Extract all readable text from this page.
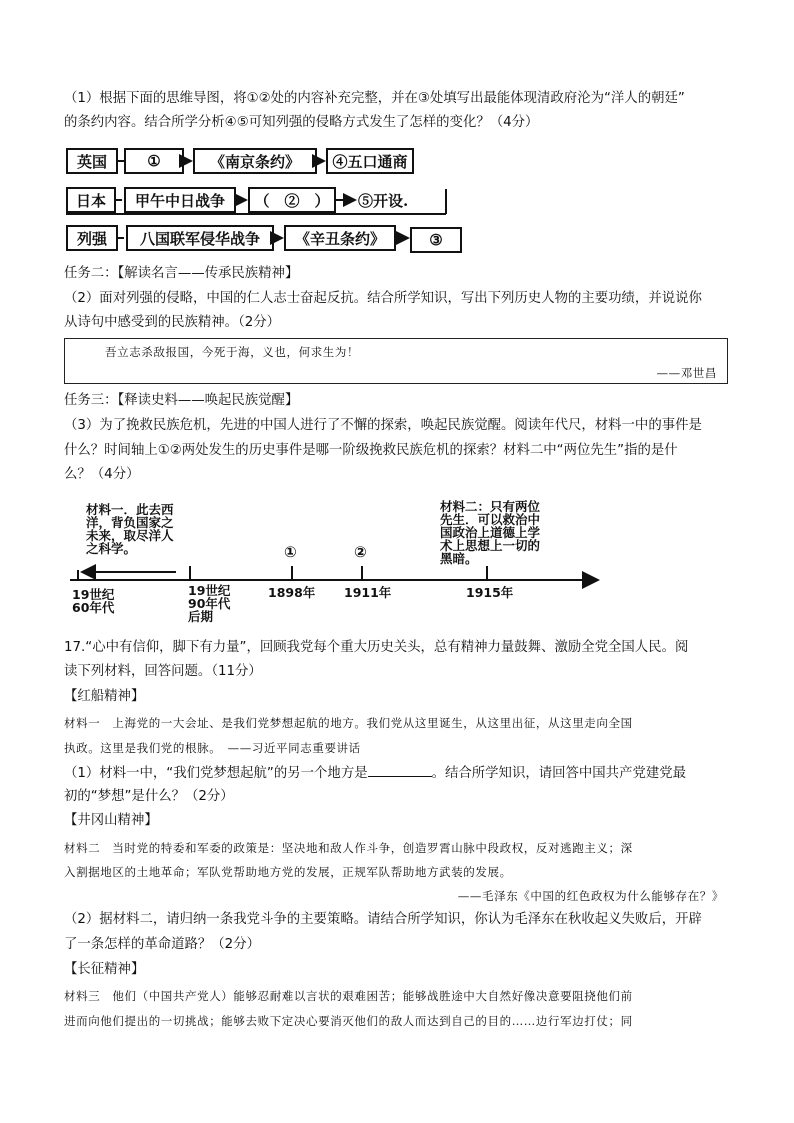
（1）根据下面的思维导图，将①②处的内容补充完整，并在③处填写出最能体现清政府沦为“洋人的朝廷”
的条约内容。结合所学分析④⑤可知列强的侵略方式发生了怎样的变化？（4分）
英国	①	《南京条约》	④五口通商
日本	甲午中日战争	（　②　）	⑤开设.
列强	八国联军侵华战争	《辛丑条约》	③
任务二：【解读名言——传承民族精神】
（2）面对列强的侵略，中国的仁人志士奋起反抗。结合所学知识，写出下列历史人物的主要功绩，并说说你
从诗句中感受到的民族精神。（2分）
吾立志杀敌报国，今死于海，义也，何求生为！
——邓世昌
任务三：【释读史料——唤起民族觉醒】
（3）为了挽救民族危机，先进的中国人进行了不懈的探索，唤起民族觉醒。阅读年代尺，材料一中的事件是
什么？时间轴上①②两处发生的历史事件是哪一阶级挽救民族危机的探索？材料二中“两位先生”指的是什
么？（4分）
材料一．此去西
洋，背负国家之
未来，取尽洋人
之科学。
材料二：只有两位
先生．可以救治中
国政治上道德上学
术上思想上一切的
黑暗。
①	②
19世纪
60年代
19世纪
90年代
后期
1898年 1911年	1915年
17.“心中有信仰，脚下有力量”，回顾我党每个重大历史关头，总有精神力量鼓舞、激励全党全国人民。阅
读下列材料，回答问题。（11分）
【红船精神】
材料一　上海党的一大会址、是我们党梦想起航的地方。我们党从这里诞生，从这里出征，从这里走向全国
执政。这里是我们党的根脉。　——习近平同志重要讲话
（1）材料一中，“我们党梦想起航”的另一个地方是	。结合所学知识，请回答中国共产党建党最
初的“梦想”是什么？（2分）
【井冈山精神】
材料二　当时党的特委和军委的政策是：坚决地和敌人作斗争，创造罗霄山脉中段政权，反对逃跑主义；深
入割据地区的土地革命；军队党帮助地方党的发展，正规军队帮助地方武装的发展。
——毛泽东《中国的红色政权为什么能够存在？》
（2）据材料二，请归纳一条我党斗争的主要策略。请结合所学知识，你认为毛泽东在秋收起义失败后，开辟
了一条怎样的革命道路？（2分）
【长征精神】
材料三　他们（中国共产党人）能够忍耐难以言状的艰难困苦；能够战胜途中大自然好像决意要阻挠他们前
进而向他们提出的一切挑战；能够去败下定决心要消灭他们的敌人而达到自己的目的……边行军边打仗；同
